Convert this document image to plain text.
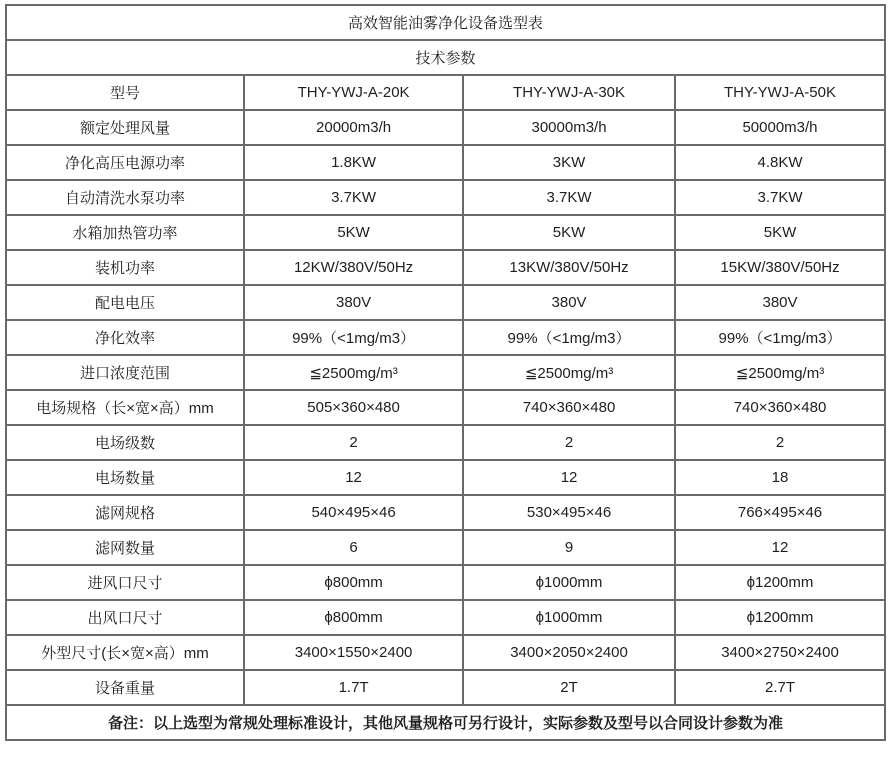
高效智能油雾净化设备选型表			
技术参数			
型号	THY-YWJ-A-20K	THY-YWJ-A-30K	THY-YWJ-A-50K
额定处理风量	20000m3/h	30000m3/h	50000m3/h
净化高压电源功率	1.8KW	3KW	4.8KW
自动清洗水泵功率	3.7KW	3.7KW	3.7KW
水箱加热管功率	5KW	5KW	5KW
装机功率	12KW/380V/50Hz	13KW/380V/50Hz	15KW/380V/50Hz
配电电压	380V	380V	380V
净化效率	99%（<1mg/m3）	99%（<1mg/m3）	99%（<1mg/m3）
进口浓度范围	≦2500mg/m³	≦2500mg/m³	≦2500mg/m³
电场规格（长×宽×高）mm	505×360×480	740×360×480	740×360×480
电场级数	2	2	2
电场数量	12	12	18
滤网规格	540×495×46	530×495×46	766×495×46
滤网数量	6	9	12
进风口尺寸	ϕ800mm	ϕ1000mm	ϕ1200mm
出风口尺寸	ϕ800mm	ϕ1000mm	ϕ1200mm
外型尺寸(长×宽×高）mm	3400×1550×2400	3400×2050×2400	3400×2750×2400
设备重量	1.7T	2T	2.7T
备注：以上选型为常规处理标准设计，其他风量规格可另行设计，实际参数及型号以合同设计参数为准			
